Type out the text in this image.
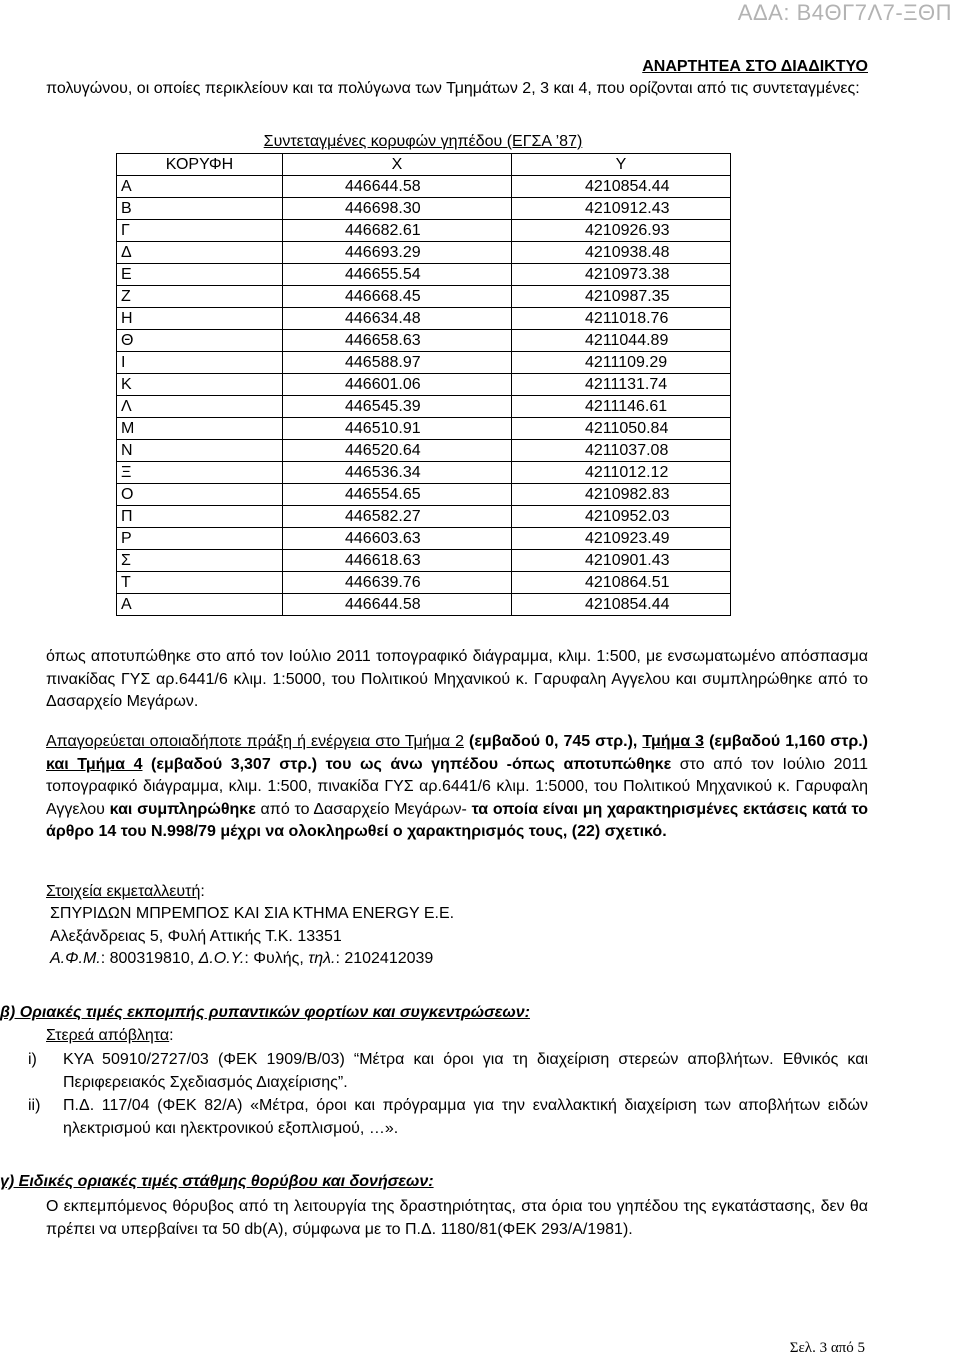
ΑΔΑ: Β4ΘΓ7Λ7-ΞΘΠ
ΑΝΑΡΤΗΤΕΑ ΣΤΟ ΔΙΑΔΙΚΤΥΟ
πολυγώνου, οι οποίες περικλείουν και τα πολύγωνα των Τμημάτων 2, 3 και 4, που ορίζονται από τις συντεταγμένες:
Συντεταγμένες κορυφών γηπέδου (ΕΓΣΑ ’87)
ΚΟΡΥΦΗ	X	Y
Α	446644.58	4210854.44
Β	446698.30	4210912.43
Γ	446682.61	4210926.93
Δ	446693.29	4210938.48
Ε	446655.54	4210973.38
Ζ	446668.45	4210987.35
Η	446634.48	4211018.76
Θ	446658.63	4211044.89
Ι	446588.97	4211109.29
Κ	446601.06	4211131.74
Λ	446545.39	4211146.61
Μ	446510.91	4211050.84
Ν	446520.64	4211037.08
Ξ	446536.34	4211012.12
Ο	446554.65	4210982.83
Π	446582.27	4210952.03
Ρ	446603.63	4210923.49
Σ	446618.63	4210901.43
Τ	446639.76	4210864.51
Α	446644.58	4210854.44
όπως αποτυπώθηκε στο από τον Ιούλιο 2011 τοπογραφικό διάγραμμα, κλιμ. 1:500, με ενσωματωμένο απόσπασμα πινακίδας ΓΥΣ αρ.6441/6 κλιμ. 1:5000, του Πολιτικού Μηχανικού κ. Γαρυφαλη Αγγελου και συμπληρώθηκε από το Δασαρχείο Μεγάρων.
Απαγορεύεται οποιαδήποτε πράξη ή ενέργεια στο Τμήμα 2 (εμβαδού 0, 745 στρ.), Τμήμα 3 (εμβαδού 1,160 στρ.) και Τμήμα 4 (εμβαδού 3,307 στρ.) του ως άνω γηπέδου -όπως αποτυπώθηκε στο από τον Ιούλιο 2011 τοπογραφικό διάγραμμα, κλιμ. 1:500, πινακίδα ΓΥΣ αρ.6441/6 κλιμ. 1:5000, του Πολιτικού Μηχανικού κ. Γαρυφαλη Αγγελου και συμπληρώθηκε από το Δασαρχείο Μεγάρων- τα οποία είναι μη χαρακτηρισμένες εκτάσεις κατά το άρθρο 14 του Ν.998/79 μέχρι να ολοκληρωθεί ο χαρακτηρισμός τους, (22) σχετικό.
Στοιχεία εκμεταλλευτή:
ΣΠΥΡΙΔΩΝ ΜΠΡΕΜΠΟΣ ΚΑΙ ΣΙΑ ΚΤΗΜΑ ENERGY Ε.Ε.
Αλεξάνδρειας 5, Φυλή Αττικής Τ.Κ. 13351
Α.Φ.Μ.: 800319810, Δ.Ο.Υ.: Φυλής, τηλ.: 2102412039
β) Οριακές τιμές εκπομπής ρυπαντικών φορτίων και συγκεντρώσεων:
Στερεά απόβλητα:
i) ΚΥΑ 50910/2727/03 (ΦΕΚ 1909/Β/03) “Μέτρα και όροι για τη διαχείριση στερεών αποβλήτων. Εθνικός και Περιφερειακός Σχεδιασμός Διαχείρισης”.
ii) Π.Δ. 117/04 (ΦΕΚ 82/Α) «Μέτρα, όροι και πρόγραμμα για την εναλλακτική διαχείριση των αποβλήτων ειδών ηλεκτρισμού και ηλεκτρονικού εξοπλισμού, …».
γ) Ειδικές οριακές τιμές στάθμης θορύβου και δονήσεων:
Ο εκπεμπόμενος θόρυβος από τη λειτουργία της δραστηριότητας, στα όρια του γηπέδου της εγκατάστασης, δεν θα πρέπει να υπερβαίνει τα 50 db(A), σύμφωνα με το Π.Δ. 1180/81(ΦΕΚ 293/Α/1981).
Σελ. 3 από 5
